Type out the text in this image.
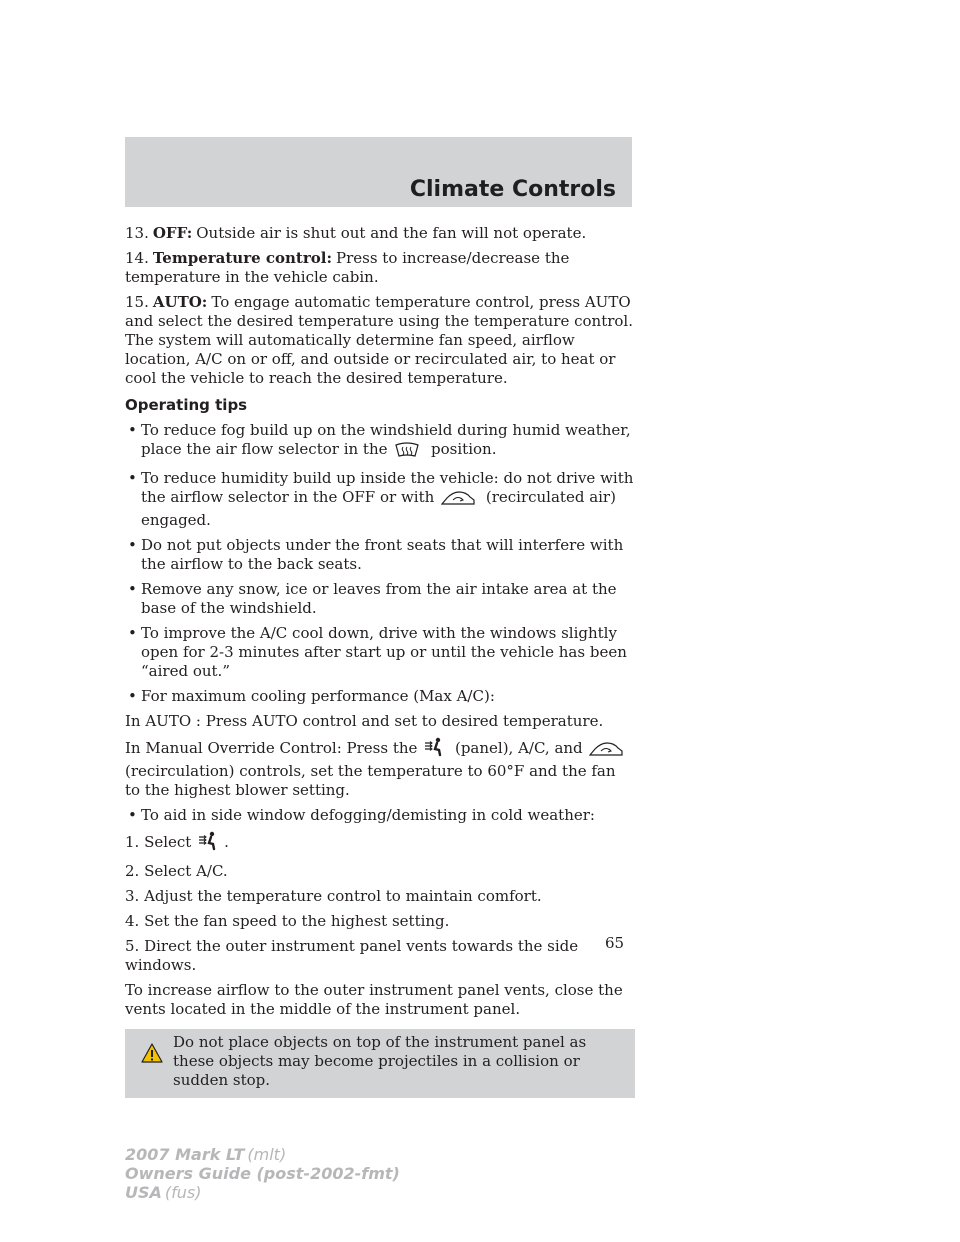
Climate Controls

13. OFF: Outside air is shut out and the fan will not operate.

14. Temperature control: Press to increase/decrease the temperature in the vehicle cabin.

15. AUTO: To engage automatic temperature control, press AUTO and select the desired temperature using the temperature control. The system will automatically determine fan speed, airflow location, A/C on or off, and outside or recirculated air, to heat or cool the vehicle to reach the desired temperature.

Operating tips
• To reduce fog build up on the windshield during humid weather, place the air flow selector in the	position.
• To reduce humidity build up inside the vehicle: do not drive with the airflow selector in the OFF or with	(recirculated air) engaged.
• Do not put objects under the front seats that will interfere with the airflow to the back seats.
• Remove any snow, ice or leaves from the air intake area at the base of the windshield.
• To improve the A/C cool down, drive with the windows slightly open for 2-3 minutes after start up or until the vehicle has been “aired out.”
• For maximum cooling performance (Max A/C):

In AUTO : Press AUTO control and set to desired temperature.

In Manual Override Control: Press the	(panel), A/C, and  (recirculation) controls, set the temperature to 60°F and the fan to the highest blower setting.

• To aid in side window defogging/demisting in cold weather:

1. Select .

2. Select A/C.

3. Adjust the temperature control to maintain comfort.

4. Set the fan speed to the highest setting.

5. Direct the outer instrument panel vents towards the side windows.

To increase airflow to the outer instrument panel vents, close the vents located in the middle of the instrument panel.

Do not place objects on top of the instrument panel as these objects may become projectiles in a collision or sudden stop.
65
2007 Mark LT (mlt)
Owners Guide (post-2002-fmt)
USA (fus)
